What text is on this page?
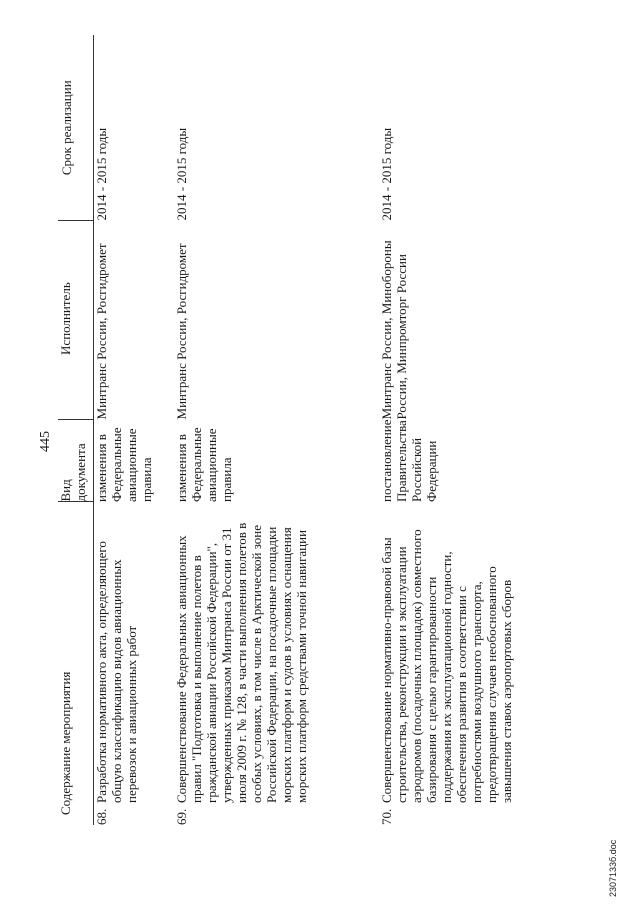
445
Содержание мероприятия		Вид документа	Исполнитель	Срок реализации
68.	Разработка нормативного акта, определяющего общую классификацию видов авиационных перевозок и авиационных работ	изменения в Федеральные авиационные правила	Минтранс России, Росгидромет	2014 - 2015 годы
69.	Совершенствование Федеральных авиационных правил "Подготовка и выполнение полетов в гражданской авиации Российской Федерации", утвержденных приказом Минтранса России от 31 июля 2009 г. № 128, в части выполнения полетов в особых условиях, в том числе в Арктической зоне Российской Федерации, на посадочные площадки морских платформ и судов в условиях оснащения морских платформ средствами точной навигации	изменения в Федеральные авиационные правила	Минтранс России, Росгидромет	2014 - 2015 годы
70.	Совершенствование нормативно-правовой базы строительства, реконструкции и эксплуатации аэродромов (посадочных площадок) совместного базирования с целью гарантированности поддержания их эксплуатационной годности, обеспечения развития в соответствии с потребностями воздушного транспорта, предотвращения случаев необоснованного завышения ставок аэропортовых сборов	постановление Правительства Российской Федерации	Минтранс России, Минобороны России, Минпромторг России	2014 - 2015 годы
2307133б.doc
